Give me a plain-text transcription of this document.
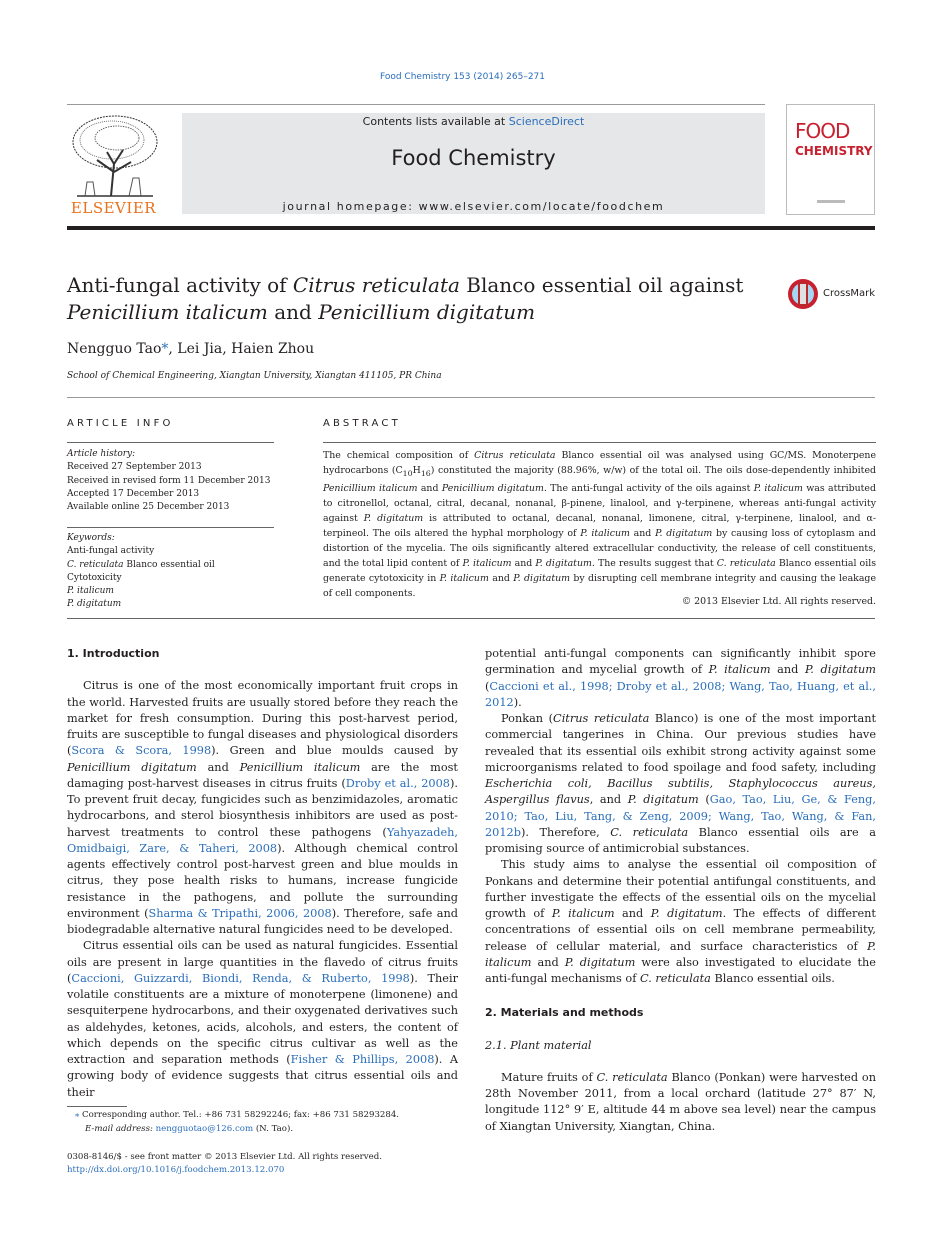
Food Chemistry 153 (2014) 265–271
ELSEVIER
Contents lists available at ScienceDirect
Food Chemistry
journal homepage: www.elsevier.com/locate/foodchem
FOOD
CHEMISTRY
Anti-fungal activity of Citrus reticulata Blanco essential oil against
Penicillium italicum and Penicillium digitatum
CrossMark
Nengguo Tao*, Lei Jia, Haien Zhou
School of Chemical Engineering, Xiangtan University, Xiangtan 411105, PR China
ARTICLE INFO	ABSTRACT
Article history:
Received 27 September 2013
Received in revised form 11 December 2013
Accepted 17 December 2013
Available online 25 December 2013
Keywords:
Anti-fungal activity
C. reticulata Blanco essential oil
Cytotoxicity
P. italicum
P. digitatum
The chemical composition of Citrus reticulata Blanco essential oil was analysed using GC/MS. Monoterpene hydrocarbons $(C_{10}H_{16})$ constituted the majority (88.96%, w/w) of the total oil. The oils dose-dependently inhibited Penicillium italicum and Penicillium digitatum. The anti-fungal activity of the oils against P. italicum was attributed to citronellol, octanal, citral, decanal, nonanal, β-pinene, linalool, and γ-terpinene, whereas anti-fungal activity against P. digitatum is attributed to octanal, decanal, nonanal, limonene, citral, γ-terpinene, linalool, and α-terpineol. The oils altered the hyphal morphology of P. italicum and P. digitatum by causing loss of cytoplasm and distortion of the mycelia. The oils significantly altered extracellular conductivity, the release of cell constituents, and the total lipid content of P. italicum and P. digitatum. The results suggest that C. reticulata Blanco essential oils generate cytotoxicity in P. italicum and P. digitatum by disrupting cell membrane integrity and causing the leakage of cell components.
© 2013 Elsevier Ltd. All rights reserved.
1. Introduction

Citrus is one of the most economically important fruit crops in the world. Harvested fruits are usually stored before they reach the market for fresh consumption. During this post-harvest period, fruits are susceptible to fungal diseases and physiological disorders (Scora & Scora, 1998). Green and blue moulds caused by Penicillium digitatum and Penicillium italicum are the most damaging post-harvest diseases in citrus fruits (Droby et al., 2008). To prevent fruit decay, fungicides such as benzimidazoles, aromatic hydrocarbons, and sterol biosynthesis inhibitors are used as post-harvest treatments to control these pathogens (Yahyazadeh, Omidbaigi, Zare, & Taheri, 2008). Although chemical control agents effectively control post-harvest green and blue moulds in citrus, they pose health risks to humans, increase fungicide resistance in the pathogens, and pollute the surrounding environment (Sharma & Tripathi, 2006, 2008). Therefore, safe and biodegradable alternative natural fungicides need to be developed.

Citrus essential oils can be used as natural fungicides. Essential oils are present in large quantities in the flavedo of citrus fruits (Caccioni, Guizzardi, Biondi, Renda, & Ruberto, 1998). Their volatile constituents are a mixture of monoterpene (limonene) and sesquiterpene hydrocarbons, and their oxygenated derivatives such as aldehydes, ketones, acids, alcohols, and esters, the content of which depends on the specific citrus cultivar as well as the extraction and separation methods (Fisher & Phillips, 2008). A growing body of evidence suggests that citrus essential oils and their

potential anti-fungal components can significantly inhibit spore germination and mycelial growth of P. italicum and P. digitatum (Caccioni et al., 1998; Droby et al., 2008; Wang, Tao, Huang, et al., 2012).

Ponkan (Citrus reticulata Blanco) is one of the most important commercial tangerines in China. Our previous studies have revealed that its essential oils exhibit strong activity against some microorganisms related to food spoilage and food safety, including Escherichia coli, Bacillus subtilis, Staphylococcus aureus, Aspergillus flavus, and P. digitatum (Gao, Tao, Liu, Ge, & Feng, 2010; Tao, Liu, Tang, & Zeng, 2009; Wang, Tao, Wang, & Fan, 2012b). Therefore, C. reticulata Blanco essential oils are a promising source of antimicrobial substances.

This study aims to analyse the essential oil composition of Ponkans and determine their potential antifungal constituents, and further investigate the effects of the essential oils on the mycelial growth of P. italicum and P. digitatum. The effects of different concentrations of essential oils on cell membrane permeability, release of cellular material, and surface characteristics of P. italicum and P. digitatum were also investigated to elucidate the anti-fungal mechanisms of C. reticulata Blanco essential oils.

2. Materials and methods
2.1. Plant material

Mature fruits of C. reticulata Blanco (Ponkan) were harvested on 28th November 2011, from a local orchard (latitude 27° 87′ N, longitude 112° 9′ E, altitude 44 m above sea level) near the campus of Xiangtan University, Xiangtan, China.

⁎ Corresponding author. Tel.: +86 731 58292246; fax: +86 731 58293284.
E-mail address: nengguotao@126.com (N. Tao).
0308-8146/$ - see front matter © 2013 Elsevier Ltd. All rights reserved.
http://dx.doi.org/10.1016/j.foodchem.2013.12.070
